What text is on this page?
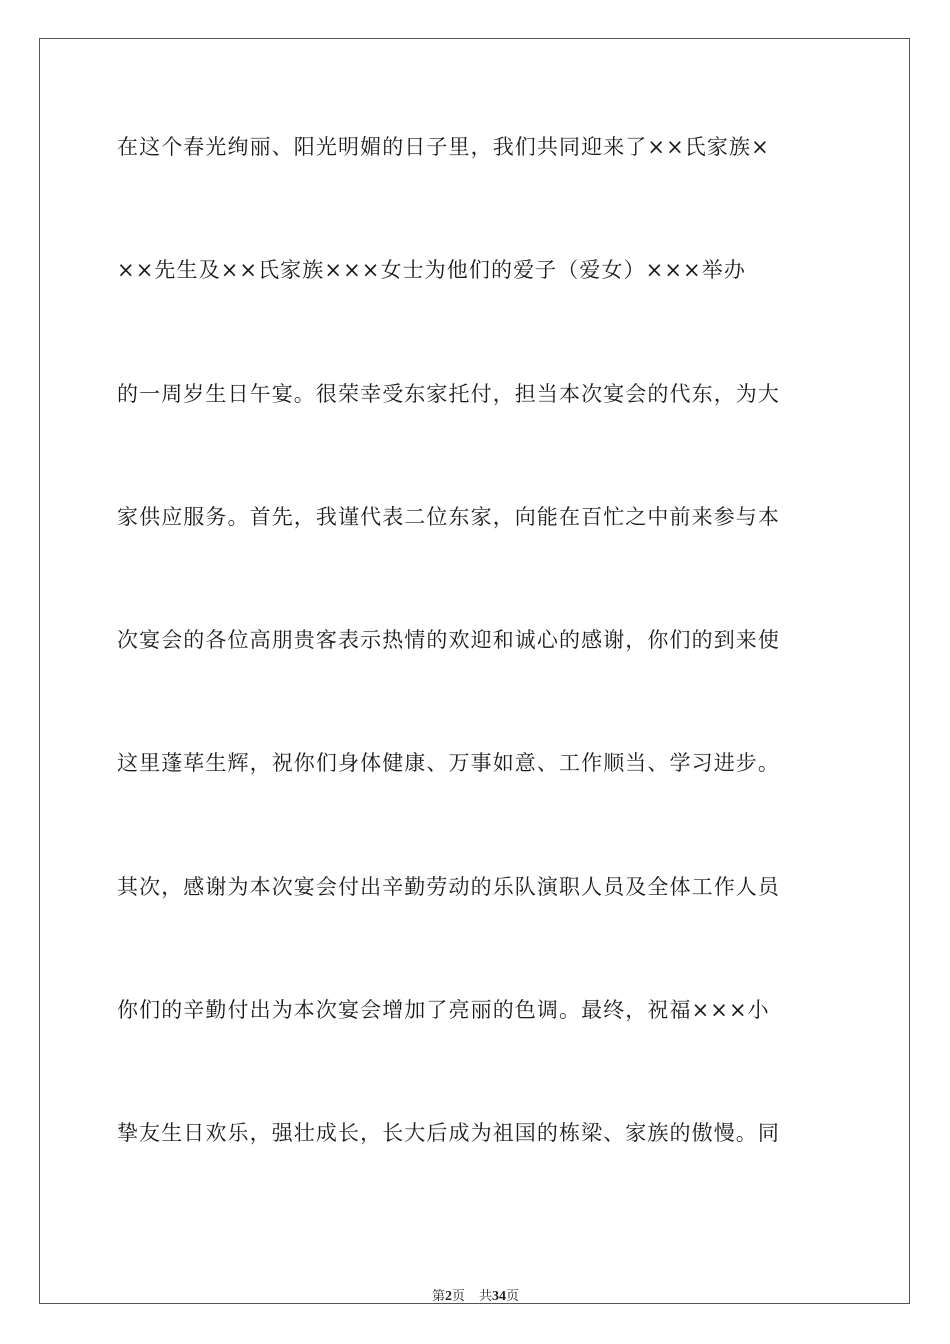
在这个春光绚丽、阳光明媚的日子里，我们共同迎来了××氏家族×
××先生及××氏家族×××女士为他们的爱子（爱女）×××举办
的一周岁生日午宴。很荣幸受东家托付，担当本次宴会的代东，为大
家供应服务。首先，我谨代表二位东家，向能在百忙之中前来参与本
次宴会的各位高朋贵客表示热情的欢迎和诚心的感谢，你们的到来使
这里蓬荜生辉，祝你们身体健康、万事如意、工作顺当、学习进步。
其次，感谢为本次宴会付出辛勤劳动的乐队演职人员及全体工作人员
你们的辛勤付出为本次宴会增加了亮丽的色调。最终，祝福×××小
挚友生日欢乐，强壮成长，长大后成为祖国的栋梁、家族的傲慢。同
第2页 共34页
